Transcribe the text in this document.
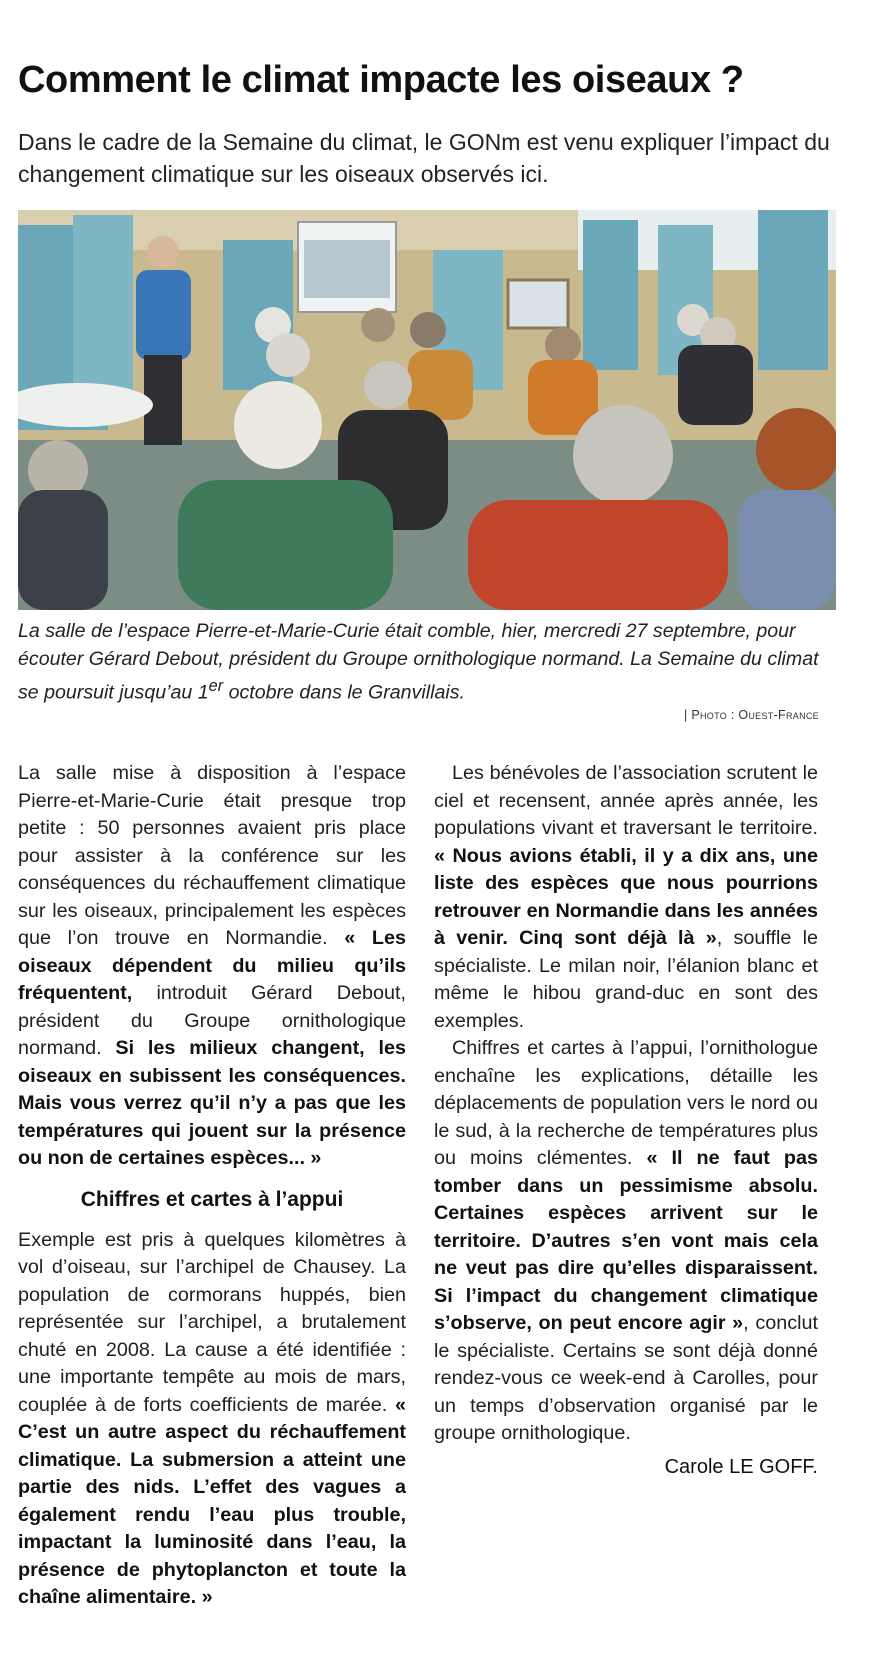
Comment le climat impacte les oiseaux ?

Dans le cadre de la Semaine du climat, le GONm est venu expliquer l’impact du changement climatique sur les oiseaux observés ici.

La salle de l’espace Pierre-et-Marie-Curie était comble, hier, mercredi 27 septembre, pour écouter Gérard Debout, président du Groupe ornithologique normand. La Semaine du climat se poursuit jusqu’au 1er octobre dans le Granvillais.

| Photo : Ouest-France

La salle mise à disposition à l’espace Pierre-et-Marie-Curie était presque trop petite : 50 personnes avaient pris place pour assister à la conférence sur les conséquences du réchauffement climatique sur les oiseaux, principalement les espèces que l’on trouve en Normandie. « Les oiseaux dépendent du milieu qu’ils fréquentent, introduit Gérard Debout, président du Groupe ornithologique normand. Si les milieux changent, les oiseaux en subissent les conséquences. Mais vous verrez qu’il n’y a pas que les températures qui jouent sur la présence ou non de certaines espèces... »

Chiffres et cartes à l’appui

Exemple est pris à quelques kilomètres à vol d’oiseau, sur l’archipel de Chausey. La population de cormorans huppés, bien représentée sur l’archipel, a brutalement chuté en 2008. La cause a été identifiée : une importante tempête au mois de mars, couplée à de forts coefficients de marée. « C’est un autre aspect du réchauffement climatique. La submersion a atteint une partie des nids. L’effet des vagues a également rendu l’eau plus trouble, impactant la luminosité dans l’eau, la présence de phytoplancton et toute la chaîne alimentaire. »

Les bénévoles de l’association scrutent le ciel et recensent, année après année, les populations vivant et traversant le territoire. « Nous avions établi, il y a dix ans, une liste des espèces que nous pourrions retrouver en Normandie dans les années à venir. Cinq sont déjà là », souffle le spécialiste. Le milan noir, l’élanion blanc et même le hibou grand-duc en sont des exemples.

Chiffres et cartes à l’appui, l’ornithologue enchaîne les explications, détaille les déplacements de population vers le nord ou le sud, à la recherche de températures plus ou moins clémentes. « Il ne faut pas tomber dans un pessimisme absolu. Certaines espèces arrivent sur le territoire. D’autres s’en vont mais cela ne veut pas dire qu’elles disparaissent. Si l’impact du changement climatique s’observe, on peut encore agir », conclut le spécialiste. Certains se sont déjà donné rendez-vous ce week-end à Carolles, pour un temps d’observation organisé par le groupe ornithologique.

Carole LE GOFF.
